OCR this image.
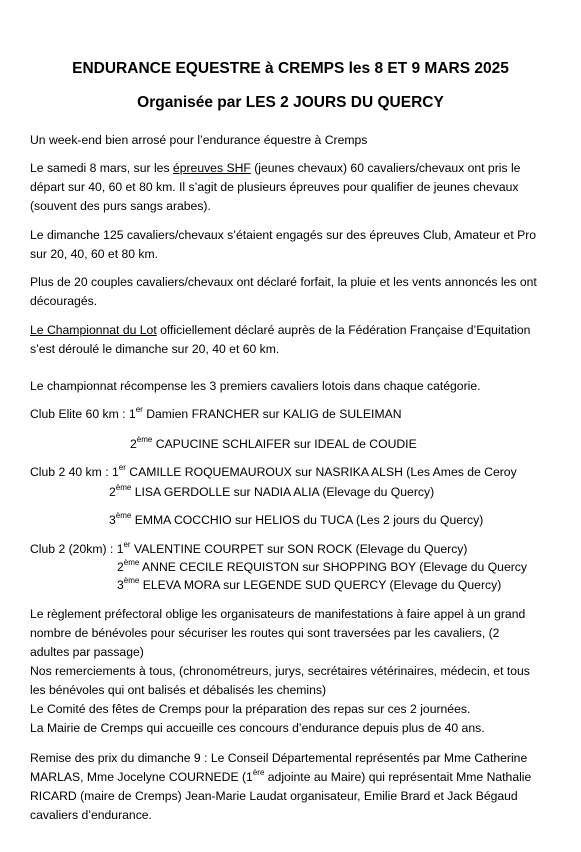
ENDURANCE EQUESTRE à CREMPS les 8 ET 9 MARS 2025
Organisée par LES 2 JOURS DU QUERCY
Un week-end bien arrosé pour l’endurance équestre à Cremps
Le samedi 8 mars, sur les épreuves SHF (jeunes chevaux) 60 cavaliers/chevaux ont pris le
départ sur 40, 60 et 80 km. Il s’agit de plusieurs épreuves pour qualifier de jeunes chevaux
(souvent des purs sangs arabes).
Le dimanche 125 cavaliers/chevaux s’étaient engagés sur des épreuves Club, Amateur et Pro
sur 20, 40, 60 et 80 km.
Plus de 20 couples cavaliers/chevaux ont déclaré forfait, la pluie et les vents annoncés les ont
découragés.
Le Championnat du Lot officiellement déclaré auprès de la Fédération Française d’Equitation
s’est déroulé le dimanche sur 20, 40 et 60 km.
Le championnat récompense les 3 premiers cavaliers lotois dans chaque catégorie.
Club Elite 60 km : 1er Damien FRANCHER sur KALIG de SULEIMAN
2ème CAPUCINE SCHLAIFER sur IDEAL de COUDIE
Club 2 40 km : 1er CAMILLE ROQUEMAUROUX sur NASRIKA ALSH (Les Ames de Ceroy
2ème LISA GERDOLLE sur NADIA ALIA (Elevage du Quercy)
3ème EMMA COCCHIO sur HELIOS du TUCA (Les 2 jours du Quercy)
Club 2 (20km) : 1er VALENTINE COURPET sur SON ROCK (Elevage du Quercy)
2ème ANNE CECILE REQUISTON sur SHOPPING BOY (Elevage du Quercy
3ème ELEVA MORA sur LEGENDE SUD QUERCY (Elevage du Quercy)
Le règlement préfectoral oblige les organisateurs de manifestations à faire appel à un grand
nombre de bénévoles pour sécuriser les routes qui sont traversées par les cavaliers, (2
adultes par passage)
Nos remerciements à tous, (chronométreurs, jurys, secrétaires vétérinaires, médecin, et tous
les bénévoles qui ont balisés et débalisés les chemins)
Le Comité des fêtes de Cremps pour la préparation des repas sur ces 2 journées.
La Mairie de Cremps qui accueille ces concours d’endurance depuis plus de 40 ans.
Remise des prix du dimanche 9 : Le Conseil Départemental représentés par Mme Catherine
MARLAS, Mme Jocelyne COURNEDE (1ère adjointe au Maire) qui représentait Mme Nathalie
RICARD (maire de Cremps) Jean-Marie Laudat organisateur, Emilie Brard et Jack Bégaud
cavaliers d’endurance.
